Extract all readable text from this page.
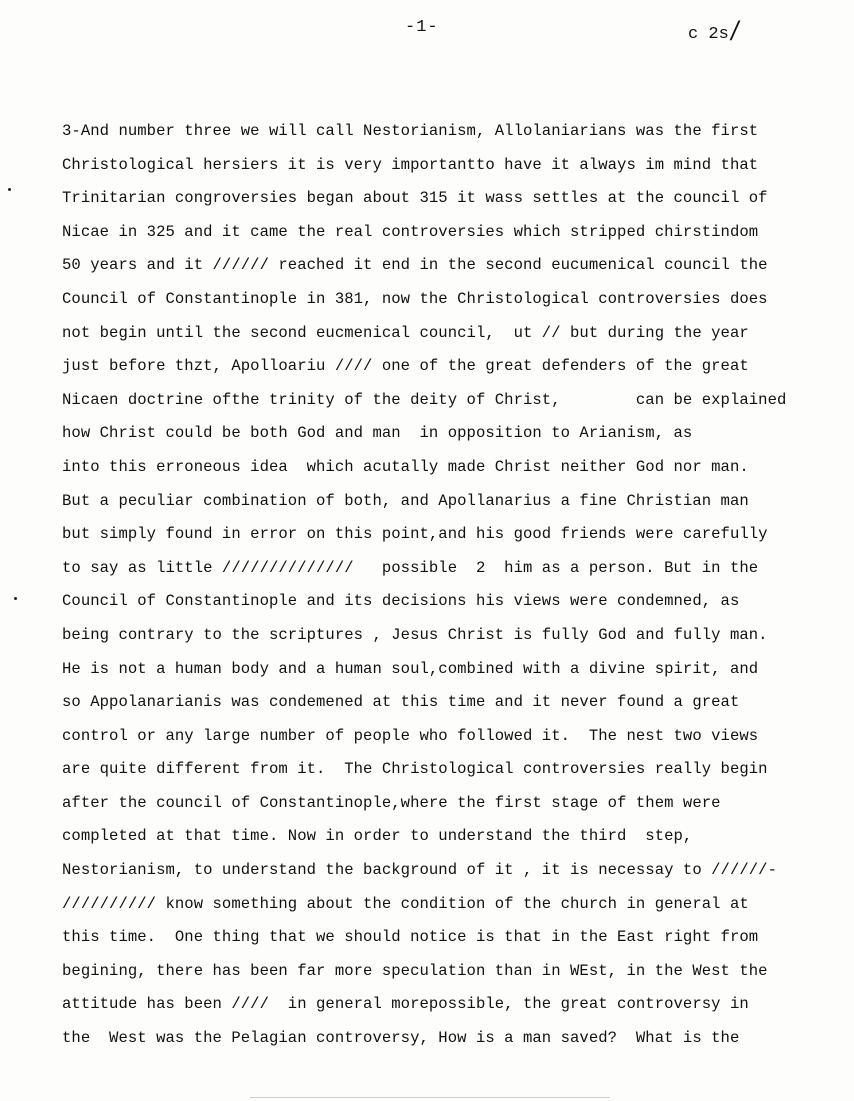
-1-	c 2s/
3-And number three we will call Nestorianism, Allolaniarians was the first
Christological hersiers it is very importantto have it always im mind that
Trinitarian congroversies began about 315 it wass settles at the council of
Nicae in 325 and it came the real controversies which stripped chirstindom
50 years and it ////// reached it end in the second eucumenical council the
Council of Constantinople in 381, now the Christological controversies does
not begin until the second eucmenical council,  ut // but during the year
just before thzt, Apolloariu //// one of the great defenders of the great
Nicaen doctrine ofthe trinity of the deity of Christ,        can be explained
how Christ could be both God and man  in opposition to Arianism, as
into this erroneous idea  which acutally made Christ neither God nor man.
But a peculiar combination of both, and Apollanarius a fine Christian man
but simply found in error on this point,and his good friends were carefully
to say as little //////////////   possible  2  him as a person. But in the
Council of Constantinople and its decisions his views were condemned, as
being contrary to the scriptures , Jesus Christ is fully God and fully man.
He is not a human body and a human soul,combined with a divine spirit, and
so Appolanarianis was condemened at this time and it never found a great
control or any large number of people who followed it.  The nest two views
are quite different from it.  The Christological controversies really begin
after the council of Constantinople,where the first stage of them were
completed at that time. Now in order to understand the third  step,
Nestorianism, to understand the background of it , it is necessay to //////-
////////// know something about the condition of the church in general at
this time.  One thing that we should notice is that in the East right from
begining, there has been far more speculation than in WEst, in the West the
attitude has been ////  in general morepossible, the great controversy in
the  West was the Pelagian controversy, How is a man saved?  What is the
